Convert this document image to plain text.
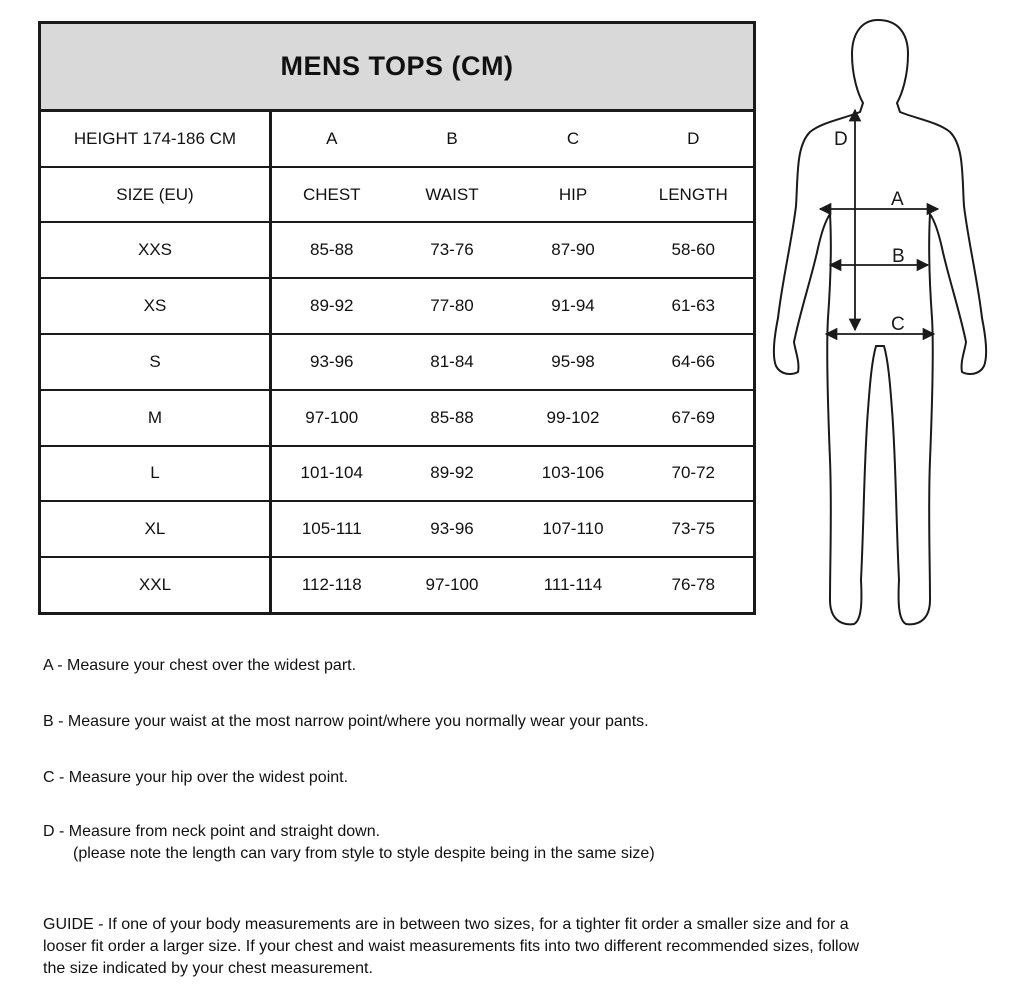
MENS TOPS (CM)				
HEIGHT 174-186 CM	A	B	C	D
SIZE (EU)	CHEST	WAIST	HIP	LENGTH
XXS	85-88	73-76	87-90	58-60
XS	89-92	77-80	91-94	61-63
S	93-96	81-84	95-98	64-66
M	97-100	85-88	99-102	67-69
L	101-104	89-92	103-106	70-72
XL	105-111	93-96	107-110	73-75
XXL	112-118	97-100	111-114	76-78
D
A
B
C
A - Measure your chest over the widest part.
B - Measure your waist at the most narrow point/where you normally wear your pants.
C - Measure your hip over the widest point.
D - Measure from neck point and straight down.
(please note the length can vary from style to style despite being in the same size)
GUIDE - If one of your body measurements are in between two sizes, for a tighter fit order a smaller size and for a looser fit order a larger size. If your chest and waist measurements fits into two different recommended sizes, follow the size indicated by your chest measurement.
